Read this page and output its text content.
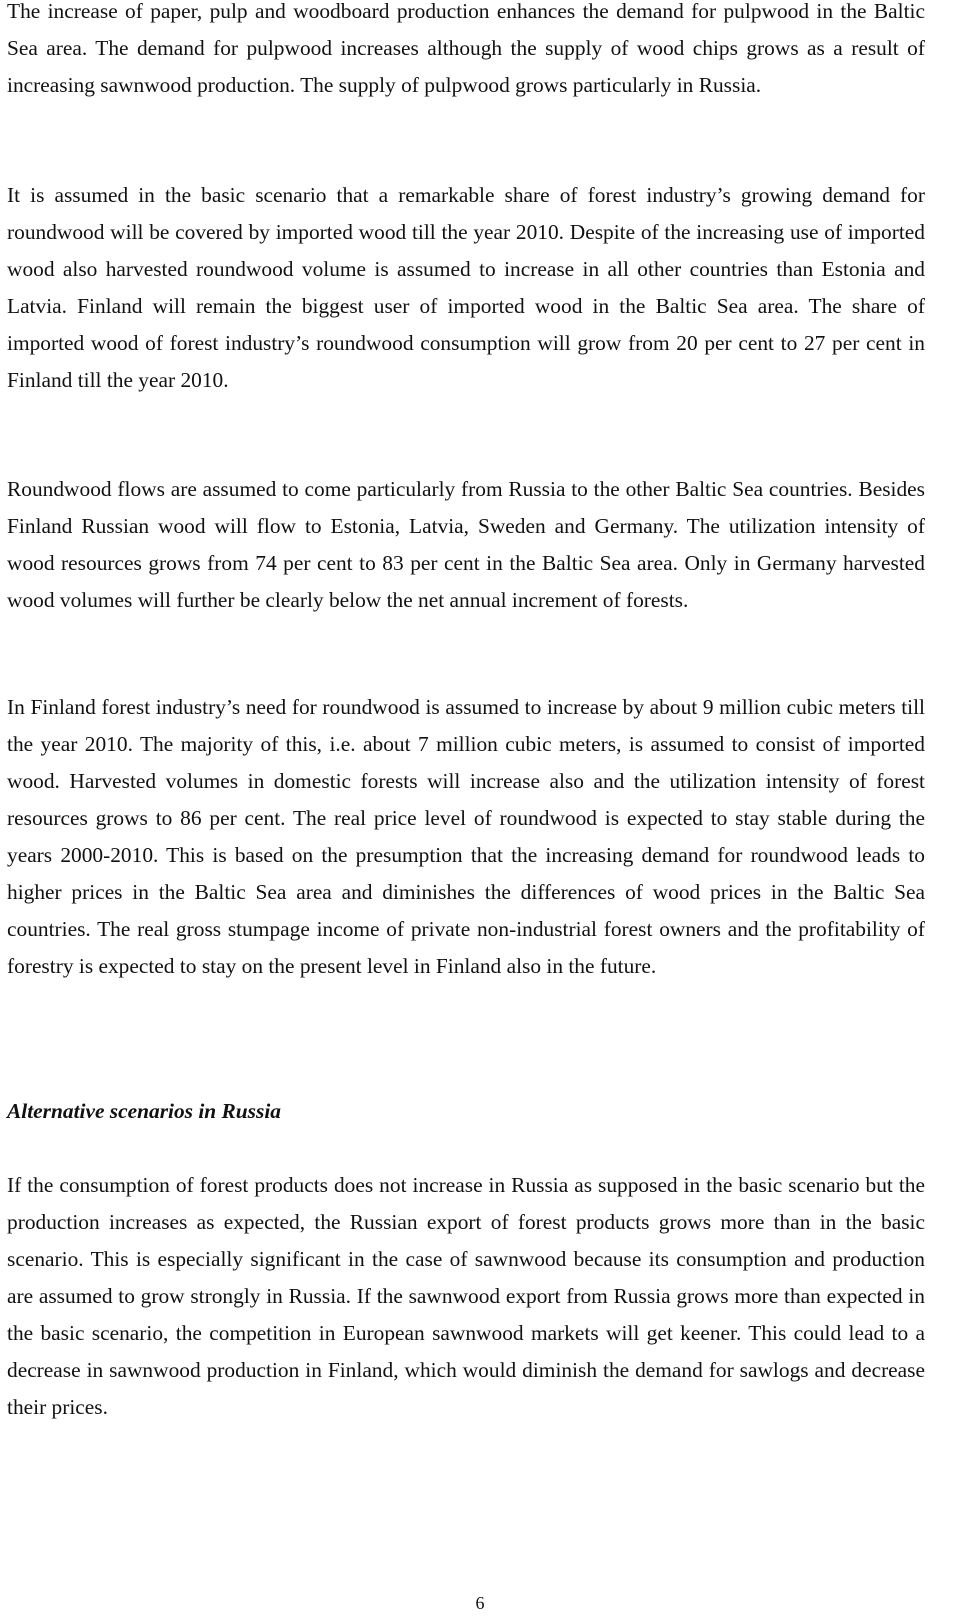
The increase of paper, pulp and woodboard production enhances the demand for pulpwood in the Baltic Sea area. The demand for pulpwood increases although the supply of wood chips grows as a result of increasing sawnwood production. The supply of pulpwood grows particularly in Russia.

It is assumed in the basic scenario that a remarkable share of forest industry’s growing demand for roundwood will be covered by imported wood till the year 2010. Despite of the increasing use of imported wood also harvested roundwood volume is assumed to increase in all other countries than Estonia and Latvia. Finland will remain the biggest user of imported wood in the Baltic Sea area. The share of imported wood of forest industry’s roundwood consumption will grow from 20 per cent to 27 per cent in Finland till the year 2010.

Roundwood flows are assumed to come particularly from Russia to the other Baltic Sea countries. Besides Finland Russian wood will flow to Estonia, Latvia, Sweden and Germany. The utilization intensity of wood resources grows from 74 per cent to 83 per cent in the Baltic Sea area. Only in Germany harvested wood volumes will further be clearly below the net annual increment of forests.

In Finland forest industry’s need for roundwood is assumed to increase by about 9 million cubic meters till the year 2010. The majority of this, i.e. about 7 million cubic meters, is assumed to consist of imported wood. Harvested volumes in domestic forests will increase also and the utilization intensity of forest resources grows to 86 per cent. The real price level of roundwood is expected to stay stable during the years 2000-2010. This is based on the presumption that the increasing demand for roundwood leads to higher prices in the Baltic Sea area and diminishes the differences of wood prices in the Baltic Sea countries. The real gross stumpage income of private non-industrial forest owners and the profitability of forestry is expected to stay on the present level in Finland also in the future.

Alternative scenarios in Russia

If the consumption of forest products does not increase in Russia as supposed in the basic scenario but the production increases as expected, the Russian export of forest products grows more than in the basic scenario. This is especially significant in the case of sawnwood because its consumption and production are assumed to grow strongly in Russia. If the sawnwood export from Russia grows more than expected in the basic scenario, the competition in European sawnwood markets will get keener. This could lead to a decrease in sawnwood production in Finland, which would diminish the demand for sawlogs and decrease their prices.

6
